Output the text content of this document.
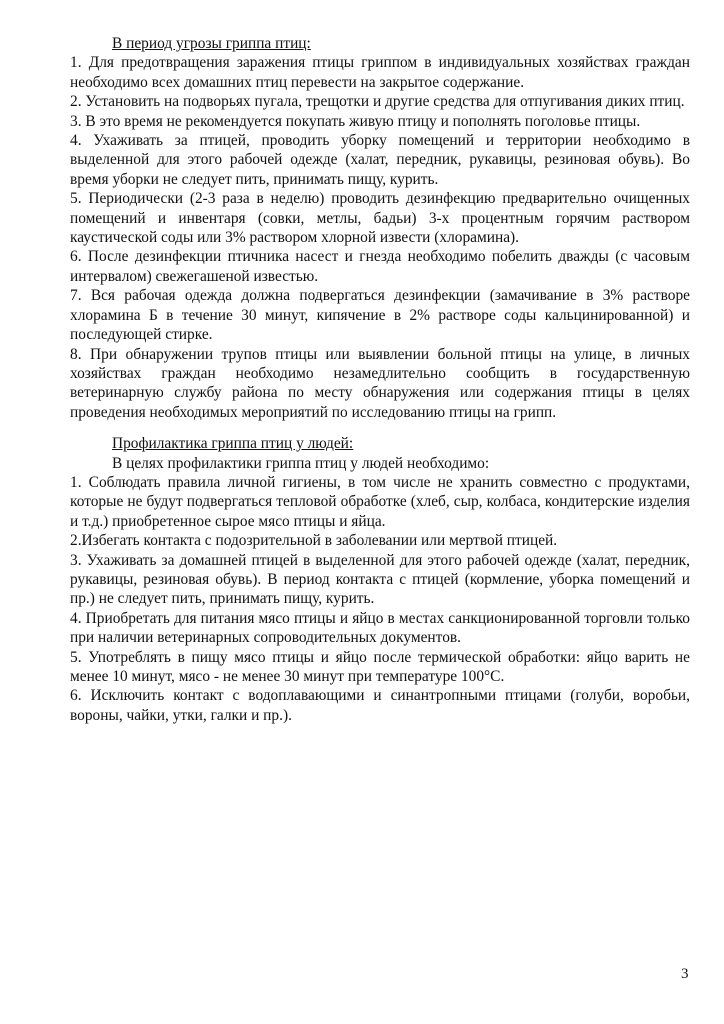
В период угрозы гриппа птиц:

1. Для предотвращения заражения птицы гриппом в индивидуальных хозяйствах граждан необходимо всех домашних птиц перевести на закрытое содержание.

2. Установить на подворьях пугала, трещотки и другие средства для отпугивания диких птиц.

3. В это время не рекомендуется покупать живую птицу и пополнять поголовье птицы.

4. Ухаживать за птицей, проводить уборку помещений и территории необходимо в выделенной для этого рабочей одежде (халат, передник, рукавицы, резиновая обувь). Во время уборки не следует пить, принимать пищу, курить.

5. Периодически (2-3 раза в неделю) проводить дезинфекцию предварительно очищенных помещений и инвентаря (совки, метлы, бадьи) 3-х процентным горячим раствором каустической соды или 3% раствором хлорной извести (хлорамина).

6. После дезинфекции птичника насест и гнезда необходимо побелить дважды (с часовым интервалом) свежегашеной известью.

7. Вся рабочая одежда должна подвергаться дезинфекции (замачивание в 3% растворе хлорамина Б в течение 30 минут, кипячение в 2% растворе соды кальцинированной) и последующей стирке.

8. При обнаружении трупов птицы или выявлении больной птицы на улице, в личных хозяйствах граждан необходимо незамедлительно сообщить в государственную ветеринарную службу района по месту обнаружения или содержания птицы в целях проведения необходимых мероприятий по исследованию птицы на грипп.

Профилактика гриппа птиц у людей:

В целях профилактики гриппа птиц у людей необходимо:

1. Соблюдать правила личной гигиены, в том числе не хранить совместно с продуктами, которые не будут подвергаться тепловой обработке (хлеб, сыр, колбаса, кондитерские изделия и т.д.) приобретенное сырое мясо птицы и яйца.

2.Избегать контакта с подозрительной в заболевании или мертвой птицей.

3. Ухаживать за домашней птицей в выделенной для этого рабочей одежде (халат, передник, рукавицы, резиновая обувь). В период контакта с птицей (кормление, уборка помещений и пр.) не следует пить, принимать пищу, курить.

4. Приобретать для питания мясо птицы и яйцо в местах санкционированной торговли только при наличии ветеринарных сопроводительных документов.

5. Употреблять в пищу мясо птицы и яйцо после термической обработки: яйцо варить не менее 10 минут, мясо - не менее 30 минут при температуре 100°С.

6. Исключить контакт с водоплавающими и синантропными птицами (голуби, воробьи, вороны, чайки, утки, галки и пр.).

3
